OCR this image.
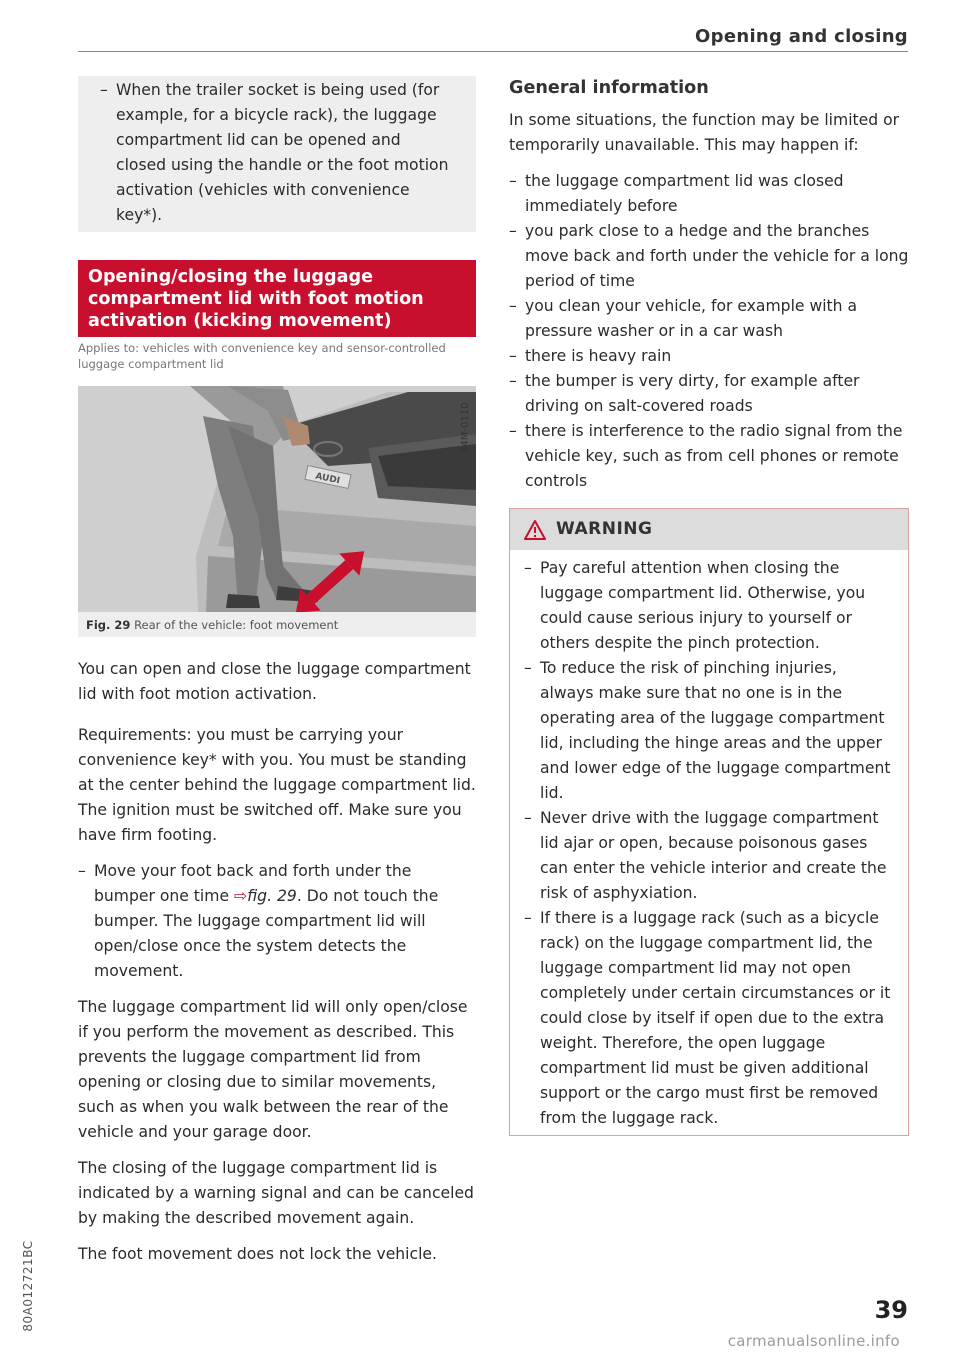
Opening and closing
– When the trailer socket is being used (for example, for a bicycle rack), the luggage compartment lid can be opened and closed using the handle or the foot motion activation (vehicles with convenience key*).
Opening/closing the luggage compartment lid with foot motion activation (kicking movement)
Applies to: vehicles with convenience key and sensor-controlled luggage compartment lid
AUDI
B4M-0110
Fig. 29 Rear of the vehicle: foot movement

You can open and close the luggage compartment lid with foot motion activation.

Requirements: you must be carrying your convenience key* with you. You must be standing at the center behind the luggage compartment lid. The ignition must be switched off. Make sure you have firm footing.

– Move your foot back and forth under the bumper one time ⇨fig. 29. Do not touch the bumper. The luggage compartment lid will open/close once the system detects the movement.

The luggage compartment lid will only open/close if you perform the movement as described. This prevents the luggage compartment lid from opening or closing due to similar movements, such as when you walk between the rear of the vehicle and your garage door.

The closing of the luggage compartment lid is indicated by a warning signal and can be canceled by making the described movement again.

The foot movement does not lock the vehicle.

General information

In some situations, the function may be limited or temporarily unavailable. This may happen if:

– the luggage compartment lid was closed immediately before
– you park close to a hedge and the branches move back and forth under the vehicle for a long period of time
– you clean your vehicle, for example with a pressure washer or in a car wash
– there is heavy rain
– the bumper is very dirty, for example after driving on salt-covered roads
– there is interference to the radio signal from the vehicle key, such as from cell phones or remote controls
WARNING
– Pay careful attention when closing the luggage compartment lid. Otherwise, you could cause serious injury to yourself or others despite the pinch protection.
– To reduce the risk of pinching injuries, always make sure that no one is in the operating area of the luggage compartment lid, including the hinge areas and the upper and lower edge of the luggage compartment lid.
– Never drive with the luggage compartment lid ajar or open, because poisonous gases can enter the vehicle interior and create the risk of asphyxiation.
– If there is a luggage rack (such as a bicycle rack) on the luggage compartment lid, the luggage compartment lid may not open completely under certain circumstances or it could close by itself if open due to the extra weight. Therefore, the open luggage compartment lid must be given additional support or the cargo must first be removed from the luggage rack.
80A012721BC	39
carmanualsonline.info
